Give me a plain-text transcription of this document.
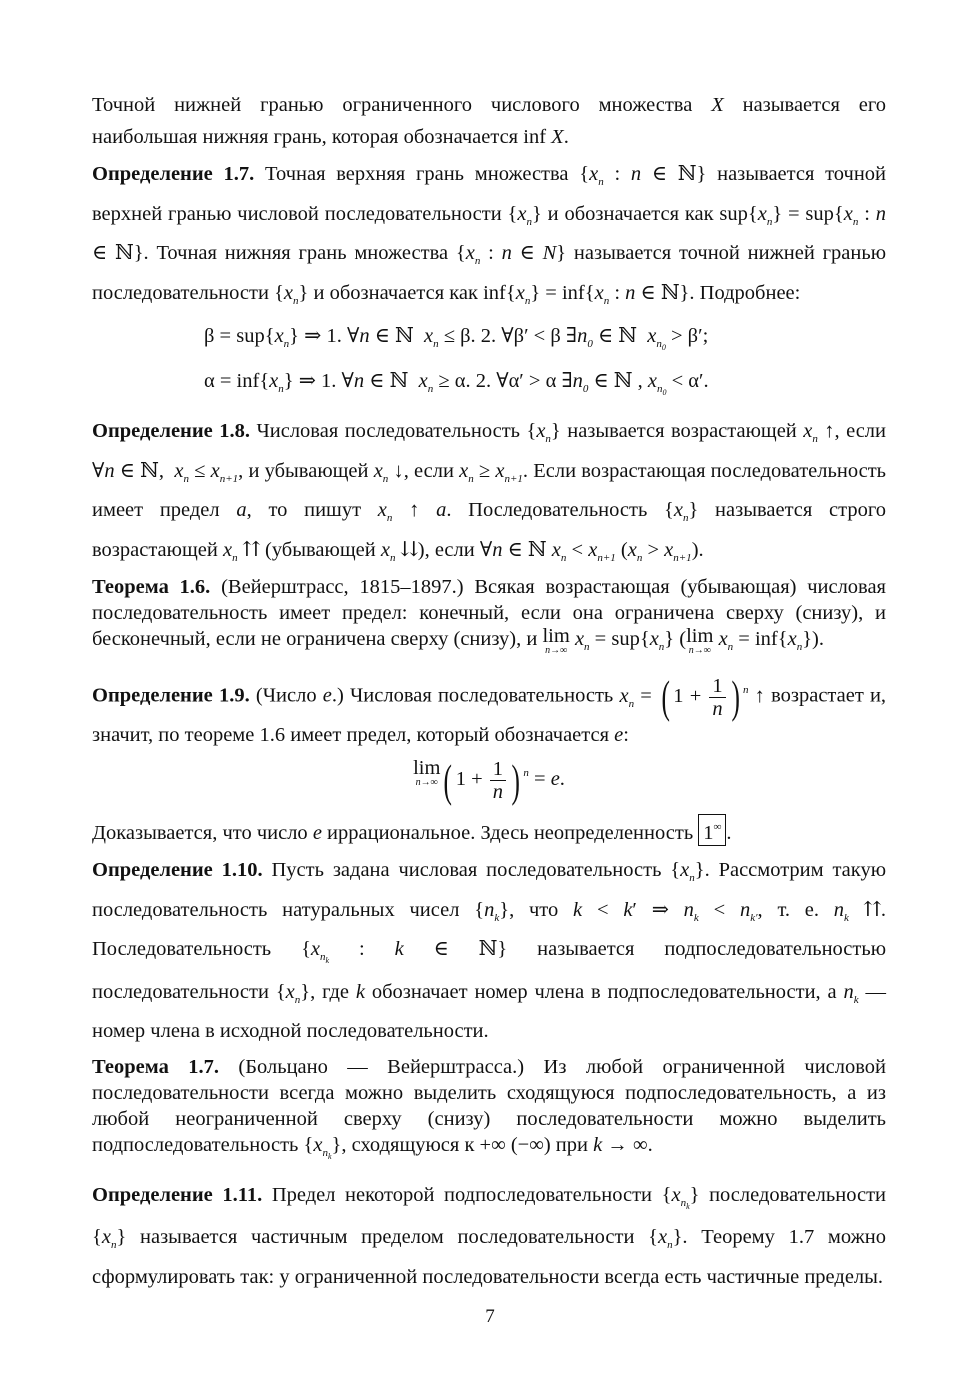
Точной нижней гранью ограниченного числового множества X называется его наибольшая нижняя грань, которая обозначается inf X.

Определение 1.7. Точная верхняя грань множества {$x_n$ : n ∈ ℕ} называется точной верхней гранью числовой последовательности $\{x_n\}$ и обозначается как $sup\{x_n\} = sup\{x_n$ : n ∈ ℕ}. Точная нижняя грань множества {$x_n$ : n ∈ N} называется точной нижней гранью последовательности $\{x_n\}$ и обозначается как $inf\{x_n\} = inf\{x_n$ : n ∈ ℕ}. Подробнее:

$\beta = sup\{x_n\}$ ⇒ 1. ∀n ∈ ℕ  $x_n \le \beta$. 2. ∀β′ < β $\exists n_0$ ∈ ℕ  $x_{n_0} > \beta'$;

$\alpha = inf\{x_n\}$ ⇒ 1. ∀n ∈ ℕ  $x_n \ge \alpha$. 2. ∀α′ > α $\exists n_0$ ∈ ℕ , $x_{n_0} < \alpha'$.

Определение 1.8. Числовая последовательность $\{x_n\}$ называется возрастающей $x_n$ ↑, если ∀n ∈ ℕ,  $x_n \le x_{n+1}$, и убывающей $x_n$ ↓, если $x_n \ge x_{n+1}$. Если возрастающая последовательность имеет предел a, то пишут $x_n$ ↑ a. Последовательность $\{x_n\}$ называется строго возрастающей $x_n$ ⇈ (убывающей $x_n$ ⇊), если ∀n ∈ ℕ $x_n < x_{n+1}$ $(x_n > x_{n+1})$.

Теорема 1.6. (Вейерштрасс, 1815–1897.) Всякая возрастающая (убывающая) числовая последовательность имеет предел: конечный, если она ограничена сверху (снизу), и бесконечный, если не ограничена сверху (снизу), и lim
n→∞
$x_n = sup\{x_n\}$ (lim
n→∞
$x_n = inf\{x_n\}$).

Определение 1.9. (Число e.) Числовая последовательность $x_n$ = ( $1 + \frac{1}{n}$ ) $^n$ ↑ возрастает и, значит, по теореме 1.6 имеет предел, который обозначается e:

lim
n→∞ ( $1 + \frac{1}{n}$ ) $^n$ = e.

Доказывается, что число e иррациональное. Здесь неопределенность 1∞ .

Определение 1.10. Пусть задана числовая последовательность $\{x_n\}$. Рассмотрим такую последовательность натуральных чисел $\{n_k\}$, что k < k′ ⇒ $n_k < n_{k'}$, т. е. $n_k$ ⇈. Последовательность {$x_{n_k}$ : k ∈ ℕ} называется подпоследовательностью последовательности $\{x_n\}$, где k обозначает номер члена в подпоследовательности, а $n_k$ — номер члена в исходной последовательности.

Теорема 1.7. (Больцано — Вейерштрасса.) Из любой ограниченной числовой последовательности всегда можно выделить сходящуюся подпоследовательность, а из любой неограниченной сверху (снизу) последовательности можно выделить подпоследовательность $\{x_{n_k}\}$, сходящуюся к +∞ (−∞) при k → ∞.

Определение 1.11. Предел некоторой подпоследовательности $\{x_{n_k}\}$ последовательности $\{x_n\}$ называется частичным пределом последовательности $\{x_n\}$. Теорему 1.7 можно сформулировать так: у ограниченной последовательности всегда есть частичные пределы.

7
